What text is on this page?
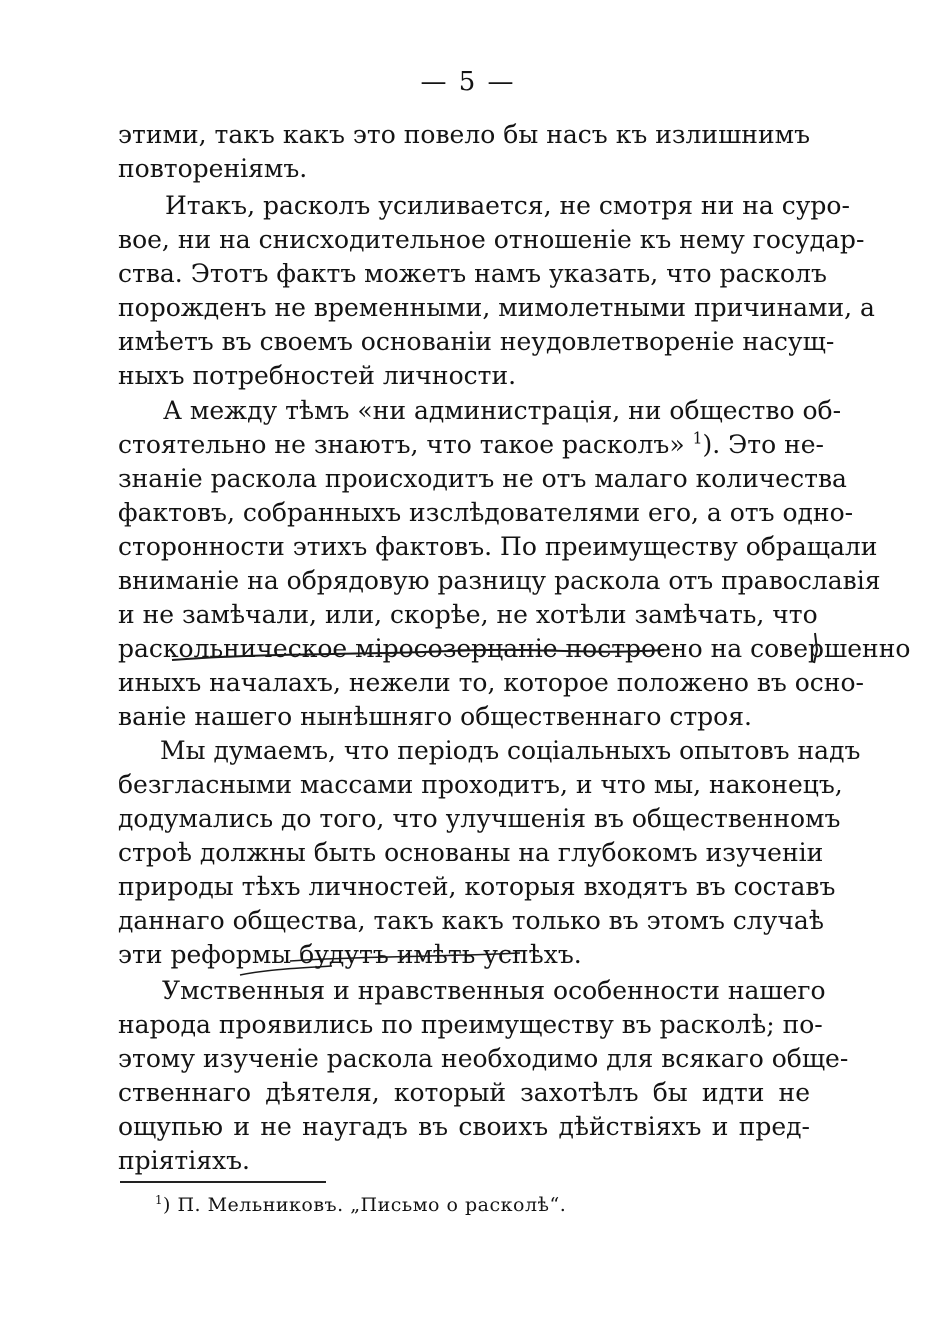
— 5 —
этими, такъ какъ это повело бы насъ къ излишнимъ
повтореніямъ.
Итакъ, расколъ усиливается, не смотря ни на суро-
вое, ни на снисходительное отношеніе къ нему государ-
ства. Этотъ фактъ можетъ намъ указать, что расколъ
порожденъ не временными, мимолетными причинами, а
имѣетъ въ своемъ основаніи неудовлетвореніе насущ-
ныхъ потребностей личности.
А между тѣмъ «ни администрація, ни общество об-
стоятельно не знаютъ, что такое расколъ» $^1$). Это не-
знаніе раскола происходитъ не отъ малаго количества
фактовъ, собранныхъ изслѣдователями его, а отъ одно-
сторонности этихъ фактовъ. По преимуществу обращали
вниманіе на обрядовую разницу раскола отъ православія
и не замѣчали, или, скорѣе, не хотѣли замѣчать, что
раскольническое міросозерцаніе построено на совершенно
иныхъ началахъ, нежели то, которое положено въ осно-
ваніе нашего нынѣшняго общественнаго строя.
Мы думаемъ, что періодъ соціальныхъ опытовъ надъ
безгласными массами проходитъ, и что мы, наконецъ,
додумались до того, что улучшенія въ общественномъ
строѣ должны быть основаны на глубокомъ изученіи
природы тѣхъ личностей, которыя входятъ въ составъ
даннаго общества, такъ какъ только въ этомъ случаѣ
эти реформы будутъ имѣть успѣхъ.
Умственныя и нравственныя особенности нашего
народа проявились по преимуществу въ расколѣ; по-
этому изученіе раскола необходимо для всякаго обще-
ственнаго дѣятеля, который захотѣлъ бы идти не
ощупью и не наугадъ въ своихъ дѣйствіяхъ и пред-
пріятіяхъ.
$^1$) П. Мельниковъ. „Письмо о расколѣ“.
